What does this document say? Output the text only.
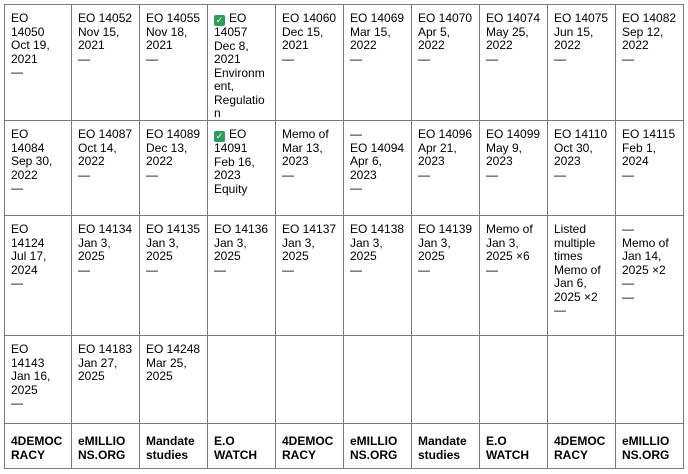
EO 14050
Oct 19, 2021
—
EO 14052
Nov 15, 2021
—
EO 14055
Nov 18, 2021
—
✓ EO 14057
Dec 8, 2021
Environment, Regulation
EO 14060
Dec 15, 2021
—
EO 14069
Mar 15, 2022
—
EO 14070
Apr 5, 2022
—
EO 14074
May 25, 2022
—
EO 14075
Jun 15, 2022
—
EO 14082
Sep 12, 2022
—
EO 14084
Sep 30, 2022
—
EO 14087
Oct 14, 2022
—
EO 14089
Dec 13, 2022
—
✓ EO 14091
Feb 16, 2023
Equity
Memo of Mar 13, 2023
—
—
EO 14094
Apr 6, 2023
—
EO 14096
Apr 21, 2023
—
EO 14099
May 9, 2023
—
EO 14110
Oct 30, 2023
—
EO 14115
Feb 1, 2024
—
EO 14124
Jul 17, 2024
—
EO 14134
Jan 3, 2025
—
EO 14135
Jan 3, 2025
—
EO 14136
Jan 3, 2025
—
EO 14137
Jan 3, 2025
—
EO 14138
Jan 3, 2025
—
EO 14139
Jan 3, 2025
—
Memo of Jan 3, 2025 ×6
—
Listed multiple times
Memo of Jan 6, 2025 ×2
—
—
Memo of Jan 14, 2025 ×2
—
—
EO 14143
Jan 16, 2025
—
EO 14183
Jan 27, 2025
EO 14248
Mar 25, 2025
4DEMOCRACY
eMILLIONS.ORG
Mandate studies
E.O WATCH
4DEMOCRACY
eMILLIONS.ORG
Mandate studies
E.O WATCH
4DEMOCRACY
eMILLIONS.ORG
